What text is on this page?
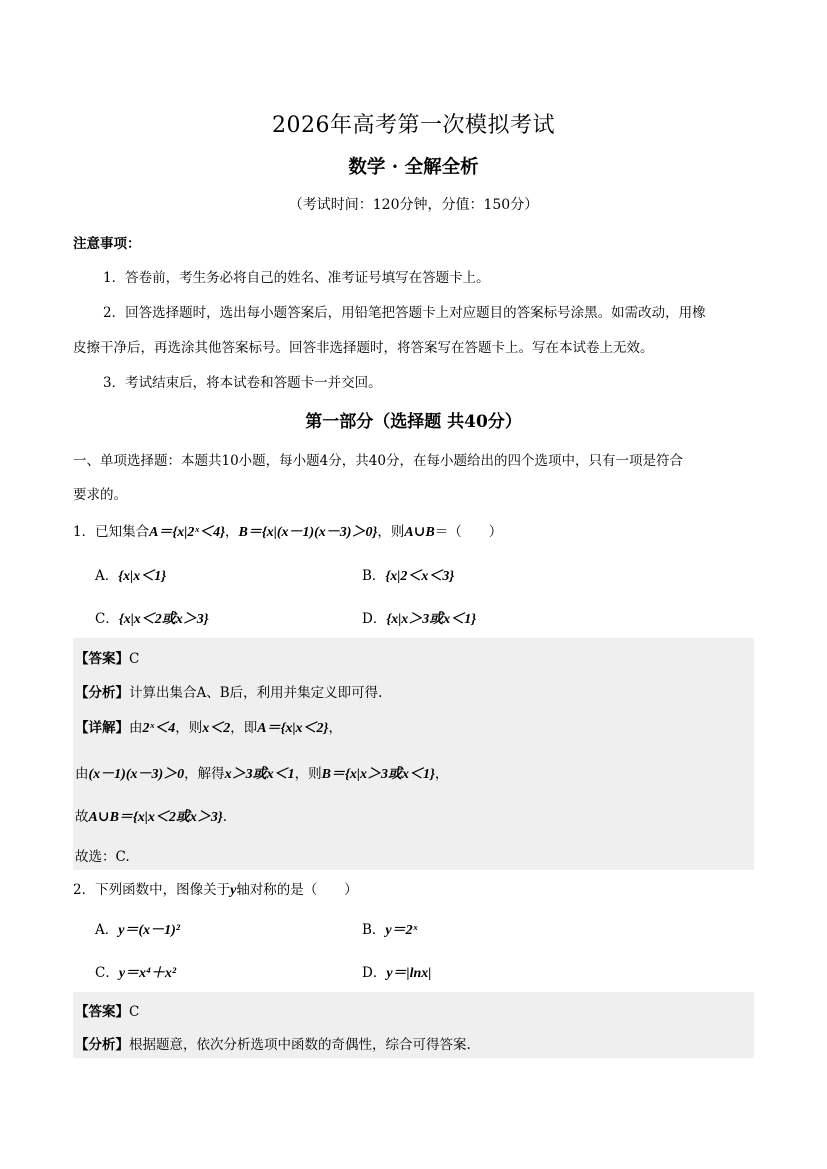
2026年高考第一次模拟考试
数学 · 全解全析
（考试时间：120分钟，分值：150分）
注意事项：
1．答卷前，考生务必将自己的姓名、准考证号填写在答题卡上。
2．回答选择题时，选出每小题答案后，用铅笔把答题卡上对应题目的答案标号涂黑。如需改动，用橡
皮擦干净后，再选涂其他答案标号。回答非选择题时，将答案写在答题卡上。写在本试卷上无效。
3．考试结束后，将本试卷和答题卡一并交回。
第一部分（选择题 共40分）
一、单项选择题：本题共10小题，每小题4分，共40分，在每小题给出的四个选项中，只有一项是符合
要求的。
1．已知集合A＝{x|2ˣ＜4}，B＝{x|(x－1)(x－3)＞0}，则A∪B＝（　　）
A．{x|x＜1}	B．{x|2＜x＜3}
C．{x|x＜2或x＞3}	D．{x|x＞3或x＜1}
【答案】C
【分析】计算出集合A、B后，利用并集定义即可得.
【详解】由2ˣ＜4，则x＜2，即A＝{x|x＜2}，
由(x－1)(x－3)＞0，解得x＞3或x＜1，则B＝{x|x＞3或x＜1}，
故A∪B＝{x|x＜2或x＞3}.
故选：C.
2．下列函数中，图像关于y轴对称的是（　　）
A．y＝(x－1)²	B．y＝2ˣ
C．y＝x⁴＋x²	D．y＝|lnx|
【答案】C
【分析】根据题意，依次分析选项中函数的奇偶性，综合可得答案.
